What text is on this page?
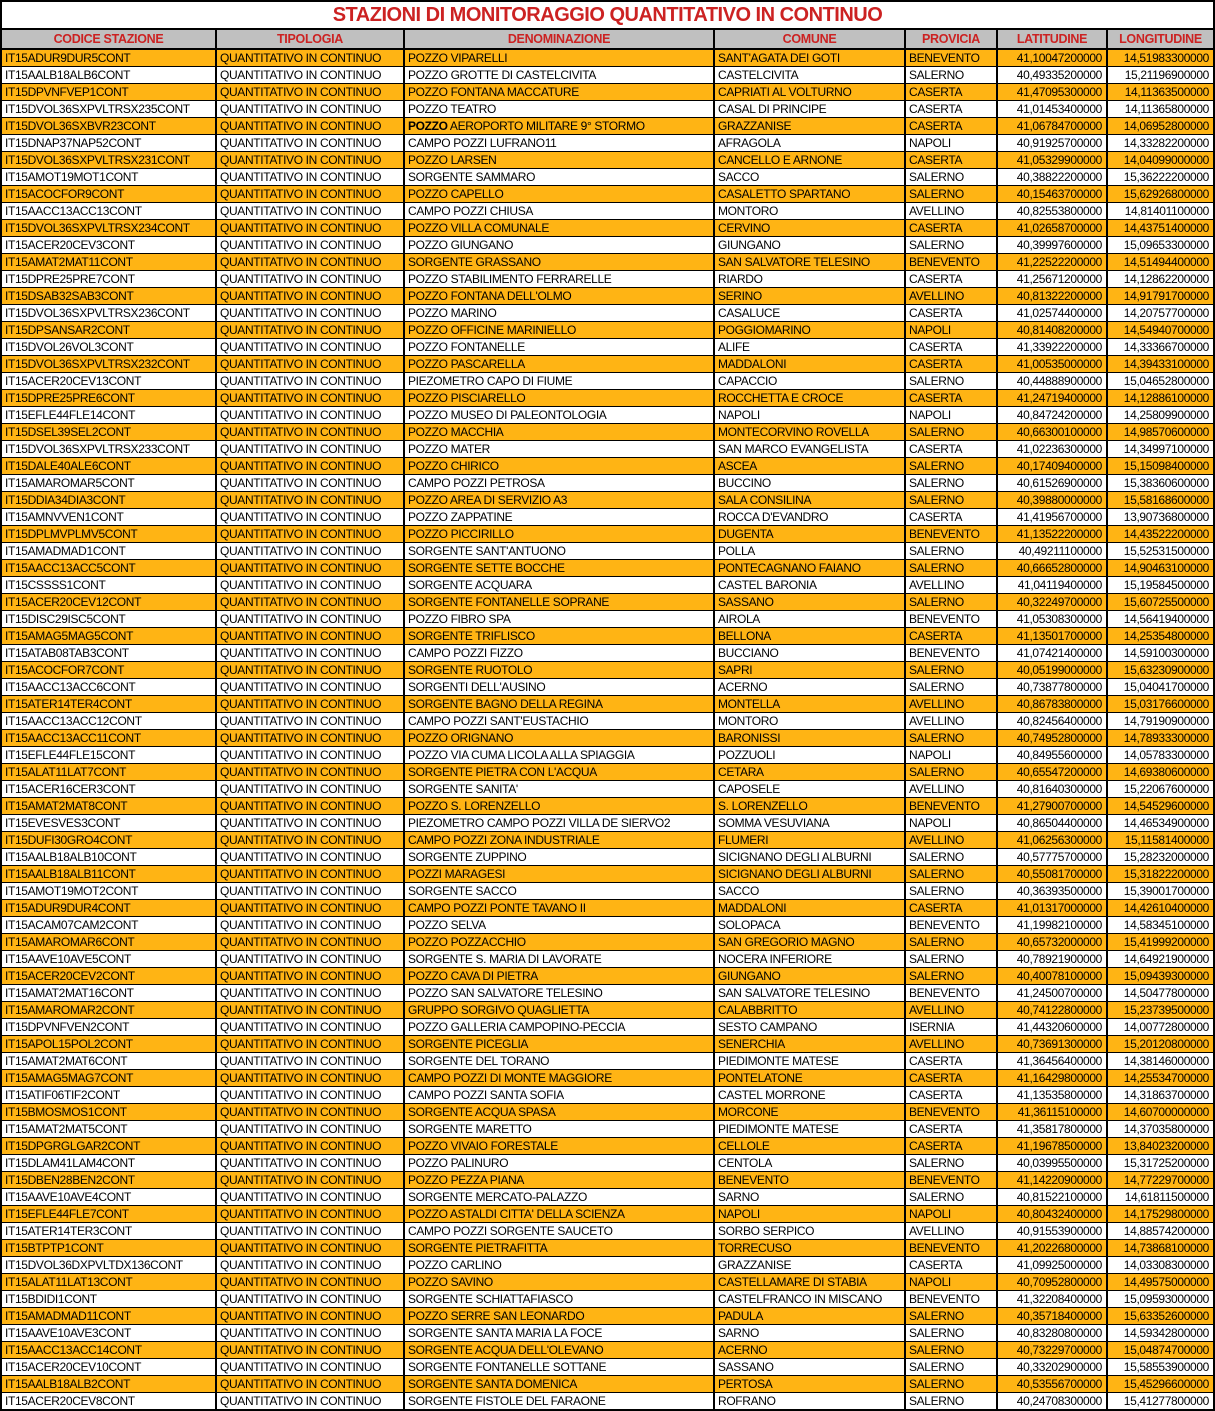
STAZIONI DI MONITORAGGIO QUANTITATIVO IN CONTINUO
CODICE STAZIONE	TIPOLOGIA	DENOMINAZIONE	COMUNE	PROVICIA	LATITUDINE	LONGITUDINE
IT15ADUR9DUR5CONT	QUANTITATIVO IN CONTINUO	POZZO VIPARELLI	SANT'AGATA DEI GOTI	BENEVENTO	41,10047200000	14,51983300000
IT15AALB18ALB6CONT	QUANTITATIVO IN CONTINUO	POZZO GROTTE DI CASTELCIVITA	CASTELCIVITA	SALERNO	40,49335200000	15,21196900000
IT15DPVNFVEP1CONT	QUANTITATIVO IN CONTINUO	POZZO FONTANA MACCATURE	CAPRIATI AL VOLTURNO	CASERTA	41,47095300000	14,11363500000
IT15DVOL36SXPVLTRSX235CONT	QUANTITATIVO IN CONTINUO	POZZO TEATRO	CASAL DI PRINCIPE	CASERTA	41,01453400000	14,11365800000
IT15DVOL36SXBVR23CONT	QUANTITATIVO IN CONTINUO	POZZO AEROPORTO MILITARE 9° STORMO	GRAZZANISE	CASERTA	41,06784700000	14,06952800000
IT15DNAP37NAP52CONT	QUANTITATIVO IN CONTINUO	CAMPO POZZI LUFRANO11	AFRAGOLA	NAPOLI	40,91925700000	14,33282200000
IT15DVOL36SXPVLTRSX231CONT	QUANTITATIVO IN CONTINUO	POZZO LARSEN	CANCELLO E ARNONE	CASERTA	41,05329900000	14,04099000000
IT15AMOT19MOT1CONT	QUANTITATIVO IN CONTINUO	SORGENTE SAMMARO	SACCO	SALERNO	40,38822200000	15,36222200000
IT15ACOCFOR9CONT	QUANTITATIVO IN CONTINUO	POZZO CAPELLO	CASALETTO SPARTANO	SALERNO	40,15463700000	15,62926800000
IT15AACC13ACC13CONT	QUANTITATIVO IN CONTINUO	CAMPO POZZI CHIUSA	MONTORO	AVELLINO	40,82553800000	14,81401100000
IT15DVOL36SXPVLTRSX234CONT	QUANTITATIVO IN CONTINUO	POZZO VILLA COMUNALE	CERVINO	CASERTA	41,02658700000	14,43751400000
IT15ACER20CEV3CONT	QUANTITATIVO IN CONTINUO	POZZO GIUNGANO	GIUNGANO	SALERNO	40,39997600000	15,09653300000
IT15AMAT2MAT11CONT	QUANTITATIVO IN CONTINUO	SORGENTE GRASSANO	SAN SALVATORE TELESINO	BENEVENTO	41,22522200000	14,51494400000
IT15DPRE25PRE7CONT	QUANTITATIVO IN CONTINUO	POZZO STABILIMENTO FERRARELLE	RIARDO	CASERTA	41,25671200000	14,12862200000
IT15DSAB32SAB3CONT	QUANTITATIVO IN CONTINUO	POZZO FONTANA DELL'OLMO	SERINO	AVELLINO	40,81322200000	14,91791700000
IT15DVOL36SXPVLTRSX236CONT	QUANTITATIVO IN CONTINUO	POZZO MARINO	CASALUCE	CASERTA	41,02574400000	14,20757700000
IT15DPSANSAR2CONT	QUANTITATIVO IN CONTINUO	POZZO OFFICINE MARINIELLO	POGGIOMARINO	NAPOLI	40,81408200000	14,54940700000
IT15DVOL26VOL3CONT	QUANTITATIVO IN CONTINUO	POZZO FONTANELLE	ALIFE	CASERTA	41,33922200000	14,33366700000
IT15DVOL36SXPVLTRSX232CONT	QUANTITATIVO IN CONTINUO	POZZO PASCARELLA	MADDALONI	CASERTA	41,00535000000	14,39433100000
IT15ACER20CEV13CONT	QUANTITATIVO IN CONTINUO	PIEZOMETRO CAPO DI FIUME	CAPACCIO	SALERNO	40,44888900000	15,04652800000
IT15DPRE25PRE6CONT	QUANTITATIVO IN CONTINUO	POZZO PISCIARELLO	ROCCHETTA E CROCE	CASERTA	41,24719400000	14,12886100000
IT15EFLE44FLE14CONT	QUANTITATIVO IN CONTINUO	POZZO MUSEO DI PALEONTOLOGIA	NAPOLI	NAPOLI	40,84724200000	14,25809900000
IT15DSEL39SEL2CONT	QUANTITATIVO IN CONTINUO	POZZO MACCHIA	MONTECORVINO ROVELLA	SALERNO	40,66300100000	14,98570600000
IT15DVOL36SXPVLTRSX233CONT	QUANTITATIVO IN CONTINUO	POZZO MATER	SAN MARCO EVANGELISTA	CASERTA	41,02236300000	14,34997100000
IT15DALE40ALE6CONT	QUANTITATIVO IN CONTINUO	POZZO CHIRICO	ASCEA	SALERNO	40,17409400000	15,15098400000
IT15AMAROMAR5CONT	QUANTITATIVO IN CONTINUO	CAMPO POZZI PETROSA	BUCCINO	SALERNO	40,61526900000	15,38360600000
IT15DDIA34DIA3CONT	QUANTITATIVO IN CONTINUO	POZZO AREA DI SERVIZIO A3	SALA CONSILINA	SALERNO	40,39880000000	15,58168600000
IT15AMNVVEN1CONT	QUANTITATIVO IN CONTINUO	POZZO ZAPPATINE	ROCCA D'EVANDRO	CASERTA	41,41956700000	13,90736800000
IT15DPLMVPLMV5CONT	QUANTITATIVO IN CONTINUO	POZZO PICCIRILLO	DUGENTA	BENEVENTO	41,13522200000	14,43522200000
IT15AMADMAD1CONT	QUANTITATIVO IN CONTINUO	SORGENTE SANT'ANTUONO	POLLA	SALERNO	40,49211100000	15,52531500000
IT15AACC13ACC5CONT	QUANTITATIVO IN CONTINUO	SORGENTE SETTE BOCCHE	PONTECAGNANO FAIANO	SALERNO	40,66652800000	14,90463100000
IT15CSSSS1CONT	QUANTITATIVO IN CONTINUO	SORGENTE ACQUARA	CASTEL BARONIA	AVELLINO	41,04119400000	15,19584500000
IT15ACER20CEV12CONT	QUANTITATIVO IN CONTINUO	SORGENTE FONTANELLE SOPRANE	SASSANO	SALERNO	40,32249700000	15,60725500000
IT15DISC29ISC5CONT	QUANTITATIVO IN CONTINUO	POZZO FIBRO SPA	AIROLA	BENEVENTO	41,05308300000	14,56419400000
IT15AMAG5MAG5CONT	QUANTITATIVO IN CONTINUO	SORGENTE TRIFLISCO	BELLONA	CASERTA	41,13501700000	14,25354800000
IT15ATAB08TAB3CONT	QUANTITATIVO IN CONTINUO	CAMPO POZZI FIZZO	BUCCIANO	BENEVENTO	41,07421400000	14,59100300000
IT15ACOCFOR7CONT	QUANTITATIVO IN CONTINUO	SORGENTE RUOTOLO	SAPRI	SALERNO	40,05199000000	15,63230900000
IT15AACC13ACC6CONT	QUANTITATIVO IN CONTINUO	SORGENTI DELL'AUSINO	ACERNO	SALERNO	40,73877800000	15,04041700000
IT15ATER14TER4CONT	QUANTITATIVO IN CONTINUO	SORGENTE BAGNO DELLA REGINA	MONTELLA	AVELLINO	40,86783800000	15,03176600000
IT15AACC13ACC12CONT	QUANTITATIVO IN CONTINUO	CAMPO POZZI SANT'EUSTACHIO	MONTORO	AVELLINO	40,82456400000	14,79190900000
IT15AACC13ACC11CONT	QUANTITATIVO IN CONTINUO	POZZO ORIGNANO	BARONISSI	SALERNO	40,74952800000	14,78933300000
IT15EFLE44FLE15CONT	QUANTITATIVO IN CONTINUO	POZZO VIA CUMA LICOLA ALLA SPIAGGIA	POZZUOLI	NAPOLI	40,84955600000	14,05783300000
IT15ALAT11LAT7CONT	QUANTITATIVO IN CONTINUO	SORGENTE PIETRA CON L'ACQUA	CETARA	SALERNO	40,65547200000	14,69380600000
IT15ACER16CER3CONT	QUANTITATIVO IN CONTINUO	SORGENTE SANITA'	CAPOSELE	AVELLINO	40,81640300000	15,22067600000
IT15AMAT2MAT8CONT	QUANTITATIVO IN CONTINUO	POZZO S. LORENZELLO	S. LORENZELLO	BENEVENTO	41,27900700000	14,54529600000
IT15EVESVES3CONT	QUANTITATIVO IN CONTINUO	PIEZOMETRO CAMPO POZZI VILLA DE SIERVO2	SOMMA VESUVIANA	NAPOLI	40,86504400000	14,46534900000
IT15DUFI30GRO4CONT	QUANTITATIVO IN CONTINUO	CAMPO POZZI ZONA INDUSTRIALE	FLUMERI	AVELLINO	41,06256300000	15,11581400000
IT15AALB18ALB10CONT	QUANTITATIVO IN CONTINUO	SORGENTE ZUPPINO	SICIGNANO DEGLI ALBURNI	SALERNO	40,57775700000	15,28232000000
IT15AALB18ALB11CONT	QUANTITATIVO IN CONTINUO	POZZI MARAGESI	SICIGNANO DEGLI ALBURNI	SALERNO	40,55081700000	15,31822200000
IT15AMOT19MOT2CONT	QUANTITATIVO IN CONTINUO	SORGENTE SACCO	SACCO	SALERNO	40,36393500000	15,39001700000
IT15ADUR9DUR4CONT	QUANTITATIVO IN CONTINUO	CAMPO POZZI PONTE TAVANO II	MADDALONI	CASERTA	41,01317000000	14,42610400000
IT15ACAM07CAM2CONT	QUANTITATIVO IN CONTINUO	POZZO SELVA	SOLOPACA	BENEVENTO	41,19982100000	14,58345100000
IT15AMAROMAR6CONT	QUANTITATIVO IN CONTINUO	POZZO POZZACCHIO	SAN GREGORIO MAGNO	SALERNO	40,65732000000	15,41999200000
IT15AAVE10AVE5CONT	QUANTITATIVO IN CONTINUO	SORGENTE S. MARIA DI LAVORATE	NOCERA INFERIORE	SALERNO	40,78921900000	14,64921900000
IT15ACER20CEV2CONT	QUANTITATIVO IN CONTINUO	POZZO CAVA DI PIETRA	GIUNGANO	SALERNO	40,40078100000	15,09439300000
IT15AMAT2MAT16CONT	QUANTITATIVO IN CONTINUO	POZZO SAN SALVATORE TELESINO	SAN SALVATORE TELESINO	BENEVENTO	41,24500700000	14,50477800000
IT15AMAROMAR2CONT	QUANTITATIVO IN CONTINUO	GRUPPO SORGIVO QUAGLIETTA	CALABBRITTO	AVELLINO	40,74122800000	15,23739500000
IT15DPVNFVEN2CONT	QUANTITATIVO IN CONTINUO	POZZO GALLERIA CAMPOPINO-PECCIA	SESTO CAMPANO	ISERNIA	41,44320600000	14,00772800000
IT15APOL15POL2CONT	QUANTITATIVO IN CONTINUO	SORGENTE PICEGLIA	SENERCHIA	AVELLINO	40,73691300000	15,20120800000
IT15AMAT2MAT6CONT	QUANTITATIVO IN CONTINUO	SORGENTE DEL TORANO	PIEDIMONTE MATESE	CASERTA	41,36456400000	14,38146000000
IT15AMAG5MAG7CONT	QUANTITATIVO IN CONTINUO	CAMPO POZZI DI MONTE MAGGIORE	PONTELATONE	CASERTA	41,16429800000	14,25534700000
IT15ATIF06TIF2CONT	QUANTITATIVO IN CONTINUO	CAMPO POZZI SANTA SOFIA	CASTEL MORRONE	CASERTA	41,13535800000	14,31863700000
IT15BMOSMOS1CONT	QUANTITATIVO IN CONTINUO	SORGENTE ACQUA SPASA	MORCONE	BENEVENTO	41,36115100000	14,60700000000
IT15AMAT2MAT5CONT	QUANTITATIVO IN CONTINUO	SORGENTE MARETTO	PIEDIMONTE MATESE	CASERTA	41,35817800000	14,37035800000
IT15DPGRGLGAR2CONT	QUANTITATIVO IN CONTINUO	POZZO VIVAIO FORESTALE	CELLOLE	CASERTA	41,19678500000	13,84023200000
IT15DLAM41LAM4CONT	QUANTITATIVO IN CONTINUO	POZZO PALINURO	CENTOLA	SALERNO	40,03995500000	15,31725200000
IT15DBEN28BEN2CONT	QUANTITATIVO IN CONTINUO	POZZO PEZZA PIANA	BENEVENTO	BENEVENTO	41,14220900000	14,77229700000
IT15AAVE10AVE4CONT	QUANTITATIVO IN CONTINUO	SORGENTE MERCATO-PALAZZO	SARNO	SALERNO	40,81522100000	14,61811500000
IT15EFLE44FLE7CONT	QUANTITATIVO IN CONTINUO	POZZO ASTALDI CITTA' DELLA SCIENZA	NAPOLI	NAPOLI	40,80432400000	14,17529800000
IT15ATER14TER3CONT	QUANTITATIVO IN CONTINUO	CAMPO POZZI SORGENTE SAUCETO	SORBO SERPICO	AVELLINO	40,91553900000	14,88574200000
IT15BTPTP1CONT	QUANTITATIVO IN CONTINUO	SORGENTE PIETRAFITTA	TORRECUSO	BENEVENTO	41,20226800000	14,73868100000
IT15DVOL36DXPVLTDX136CONT	QUANTITATIVO IN CONTINUO	POZZO CARLINO	GRAZZANISE	CASERTA	41,09925000000	14,03308300000
IT15ALAT11LAT13CONT	QUANTITATIVO IN CONTINUO	POZZO SAVINO	CASTELLAMARE DI STABIA	NAPOLI	40,70952800000	14,49575000000
IT15BDIDI1CONT	QUANTITATIVO IN CONTINUO	SORGENTE SCHIATTAFIASCO	CASTELFRANCO IN MISCANO	BENEVENTO	41,32208400000	15,09593000000
IT15AMADMAD11CONT	QUANTITATIVO IN CONTINUO	POZZO SERRE SAN LEONARDO	PADULA	SALERNO	40,35718400000	15,63352600000
IT15AAVE10AVE3CONT	QUANTITATIVO IN CONTINUO	SORGENTE SANTA MARIA LA FOCE	SARNO	SALERNO	40,83280800000	14,59342800000
IT15AACC13ACC14CONT	QUANTITATIVO IN CONTINUO	SORGENTE ACQUA DELL'OLEVANO	ACERNO	SALERNO	40,73229700000	15,04874700000
IT15ACER20CEV10CONT	QUANTITATIVO IN CONTINUO	SORGENTE FONTANELLE SOTTANE	SASSANO	SALERNO	40,33202900000	15,58553900000
IT15AALB18ALB2CONT	QUANTITATIVO IN CONTINUO	SORGENTE SANTA DOMENICA	PERTOSA	SALERNO	40,53556700000	15,45296600000
IT15ACER20CEV8CONT	QUANTITATIVO IN CONTINUO	SORGENTE FISTOLE DEL FARAONE	ROFRANO	SALERNO	40,24708300000	15,41277800000
